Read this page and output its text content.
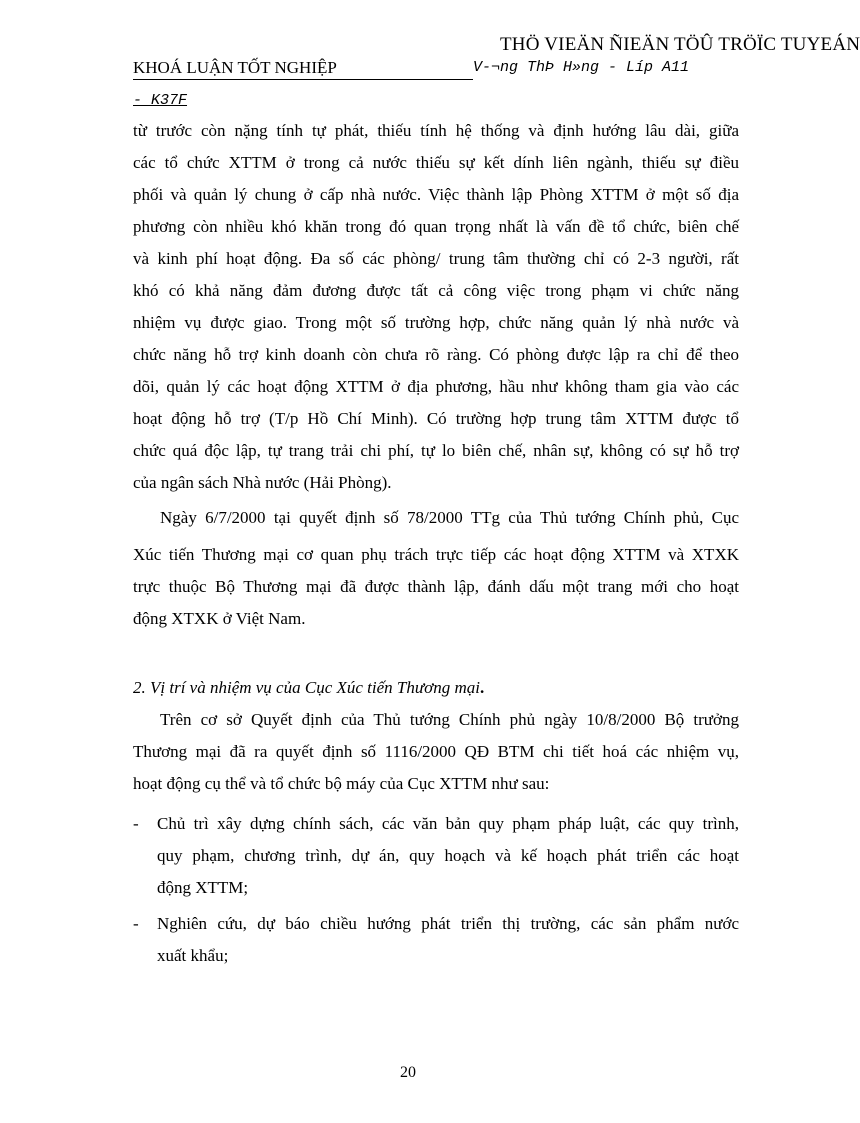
THÖ VIEÄN ÑIEÄN TÖÛ TRÖÏC TUYEÁN
KHOÁ LUẬN TỐT NGHIỆP	V-¬ng ThÞ H»ng - Líp A11
- K37F
từ trước còn nặng tính tự phát, thiếu tính hệ thống và định hướng lâu dài, giữa
các tổ chức XTTM ở trong cả nước thiếu sự kết dính liên ngành, thiếu sự điều
phối và quản lý chung ở cấp nhà nước. Việc thành lập Phòng XTTM ở một số địa
phương còn nhiều khó khăn trong đó quan trọng nhất là vấn đề tổ chức, biên chế
và kinh phí hoạt động. Đa số các phòng/ trung tâm thường chỉ có 2-3 người, rất
khó có khả năng đảm đương được tất cả công việc trong phạm vi chức năng
nhiệm vụ được giao. Trong một số trường hợp, chức năng quản lý nhà nước và
chức năng hỗ trợ kinh doanh còn chưa rõ ràng. Có phòng được lập ra chỉ để theo
dõi, quản lý các hoạt động XTTM ở địa phương, hầu như không tham gia vào các
hoạt động hỗ trợ (T/p Hồ Chí Minh). Có trường hợp trung tâm XTTM được tổ
chức quá độc lập, tự trang trải chi phí, tự lo biên chế, nhân sự, không có sự hỗ trợ
của ngân sách Nhà nước (Hải Phòng).
Ngày 6/7/2000 tại quyết định số 78/2000 TTg của Thủ tướng Chính phủ, Cục
Xúc tiến Thương mại cơ quan phụ trách trực tiếp các hoạt động XTTM và XTXK
trực thuộc Bộ Thương mại đã được thành lập, đánh dấu một trang mới cho hoạt
động XTXK ở Việt Nam.
2. Vị trí và nhiệm vụ của Cục Xúc tiến Thương mại.
Trên cơ sở Quyết định của Thủ tướng Chính phủ ngày 10/8/2000 Bộ trưởng
Thương mại đã ra quyết định số 1116/2000 QĐ BTM chi tiết hoá các nhiệm vụ,
hoạt động cụ thể và tổ chức bộ máy của Cục XTTM như sau:
- Chủ trì xây dựng chính sách, các văn bản quy phạm pháp luật, các quy trình,
quy phạm, chương trình, dự án, quy hoạch và kế hoạch phát triển các hoạt
động XTTM;
- Nghiên cứu, dự báo chiều hướng phát triển thị trường, các sản phẩm nước
xuất khẩu;
20
